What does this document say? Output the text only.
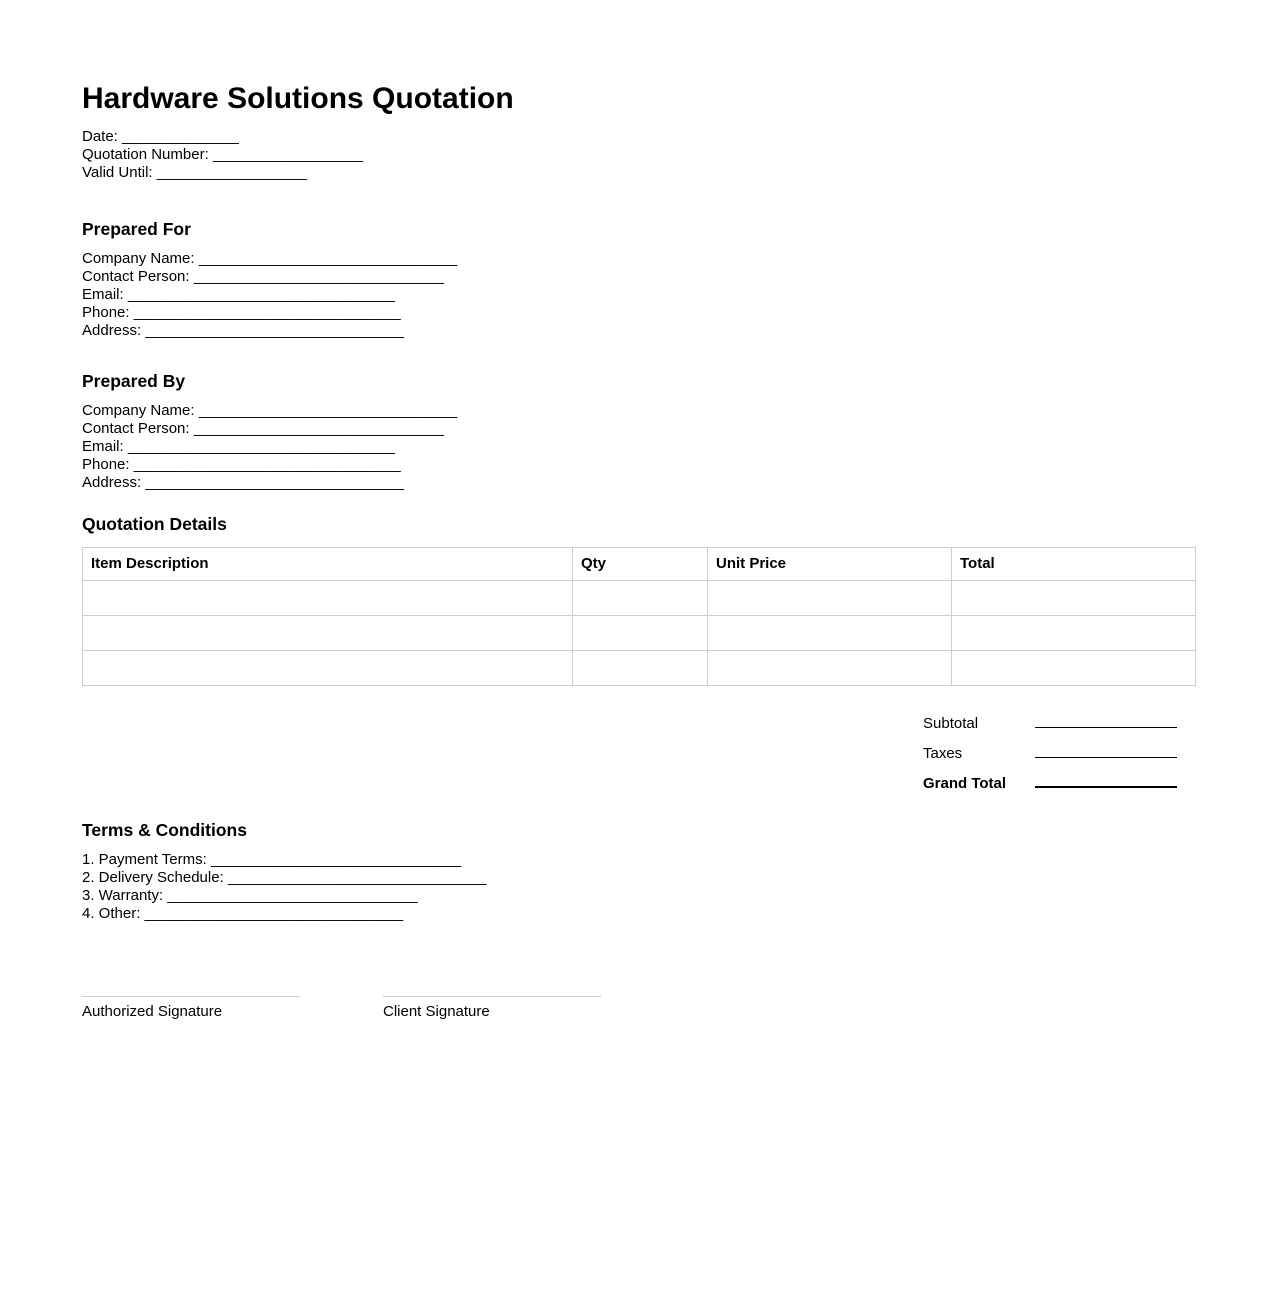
Hardware Solutions Quotation
Date: ______________
Quotation Number: __________________
Valid Until: __________________
Prepared For
Company Name: _______________________________
Contact Person: ______________________________
Email: ________________________________
Phone: ________________________________
Address: _______________________________
Prepared By
Company Name: _______________________________
Contact Person: ______________________________
Email: ________________________________
Phone: ________________________________
Address: _______________________________
Quotation Details
Item Description	Qty	Unit Price	Total

Subtotal
Taxes
Grand Total
Terms & Conditions
1. Payment Terms: ______________________________
2. Delivery Schedule: _______________________________
3. Warranty: ______________________________
4. Other: _______________________________
Authorized Signature	Client Signature
